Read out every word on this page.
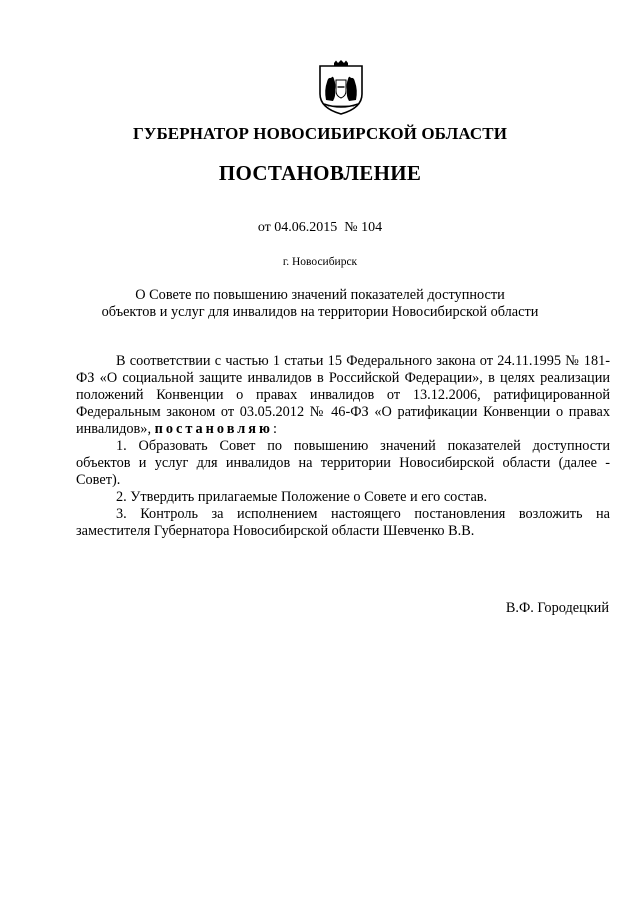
ГУБЕРНАТОР НОВОСИБИРСКОЙ ОБЛАСТИ
ПОСТАНОВЛЕНИЕ
от 04.06.2015  № 104
г. Новосибирск
О Совете по повышению значений показателей доступности
объектов и услуг для инвалидов на территории Новосибирской области

В соответствии с частью 1 статьи 15 Федерального закона от 24.11.1995 № 181-ФЗ «О социальной защите инвалидов в Российской Федерации», в целях реализации положений Конвенции о правах инвалидов от 13.12.2006, ратифицированной Федеральным законом от 03.05.2012 № 46-ФЗ «О ратификации Конвенции о правах инвалидов», постановляю:

1. Образовать Совет по повышению значений показателей доступности объектов и услуг для инвалидов на территории Новосибирской области (далее - Совет).

2. Утвердить прилагаемые Положение о Совете и его состав.

3. Контроль за исполнением настоящего постановления возложить на заместителя Губернатора Новосибирской области Шевченко В.В.

В.Ф. Городецкий
